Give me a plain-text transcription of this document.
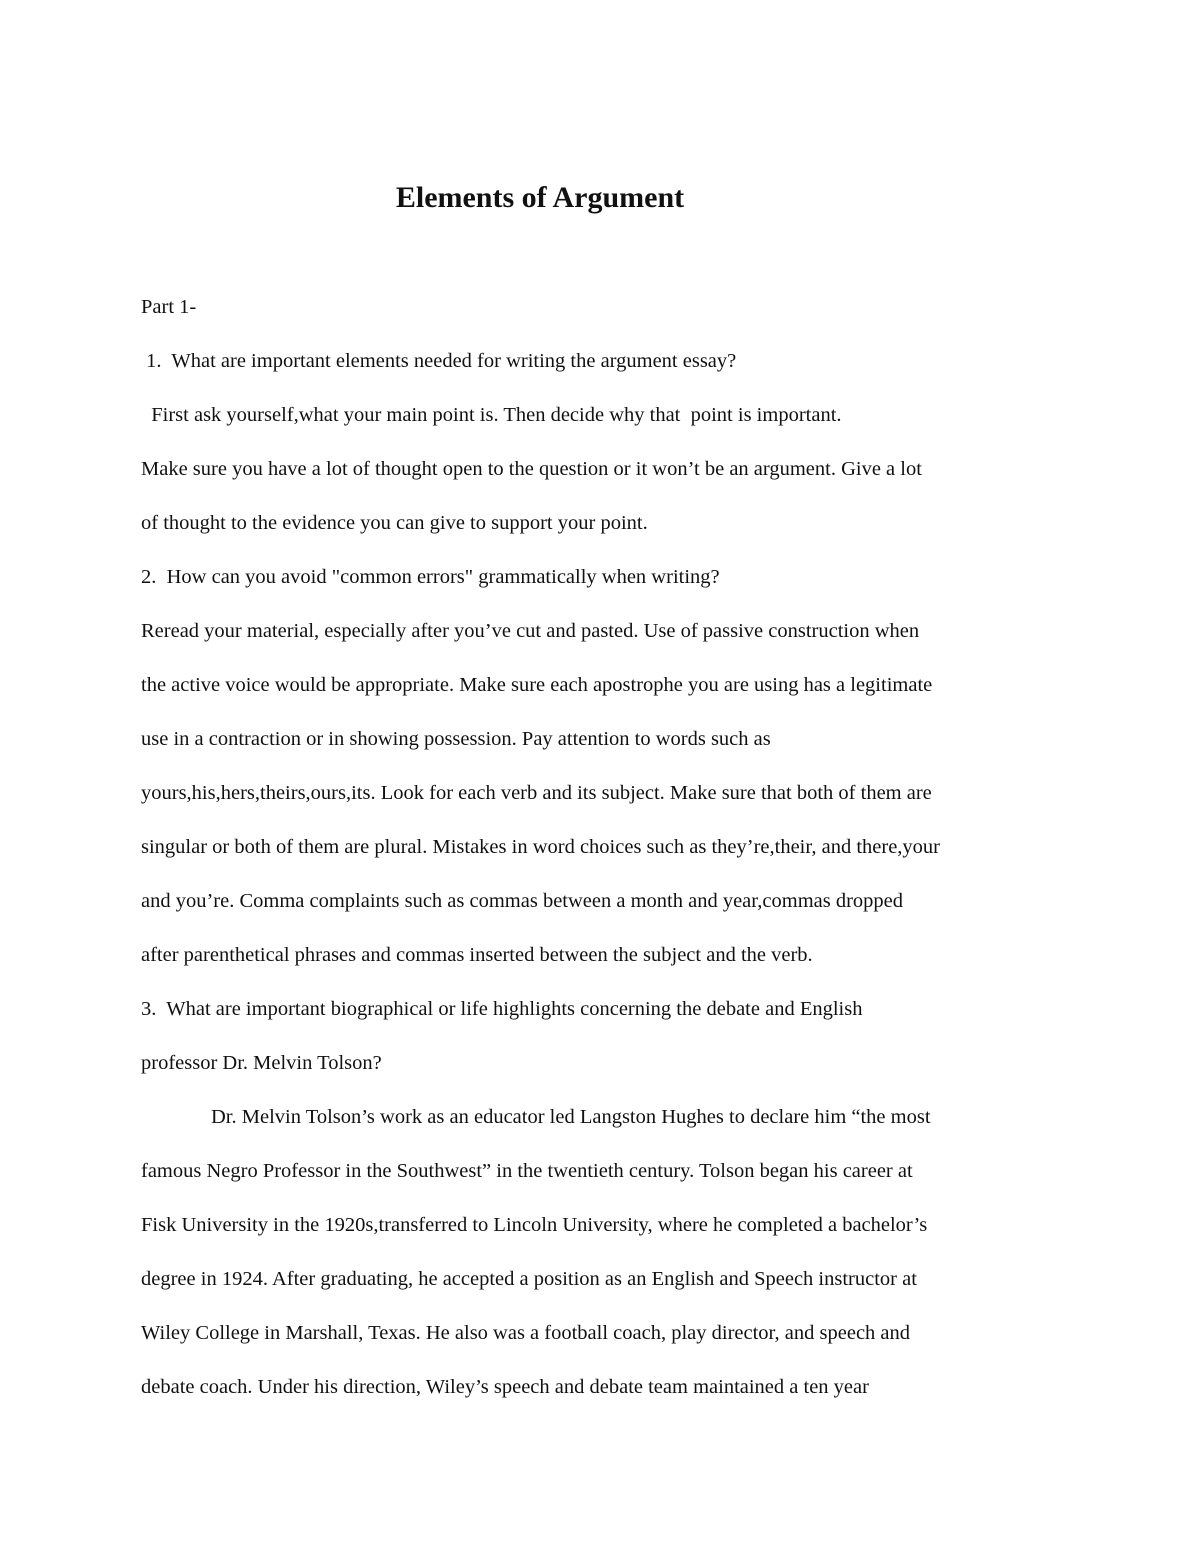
Elements of Argument
Part 1-
1.  What are important elements needed for writing the argument essay?
First ask yourself,what your main point is. Then decide why that  point is important.
Make sure you have a lot of thought open to the question or it won’t be an argument. Give a lot
of thought to the evidence you can give to support your point.
2.  How can you avoid "common errors" grammatically when writing?
Reread your material, especially after you’ve cut and pasted. Use of passive construction when
the active voice would be appropriate. Make sure each apostrophe you are using has a legitimate
use in a contraction or in showing possession. Pay attention to words such as
yours,his,hers,theirs,ours,its. Look for each verb and its subject. Make sure that both of them are
singular or both of them are plural. Mistakes in word choices such as they’re,their, and there,your
and you’re. Comma complaints such as commas between a month and year,commas dropped
after parenthetical phrases and commas inserted between the subject and the verb.
3.  What are important biographical or life highlights concerning the debate and English
professor Dr. Melvin Tolson?
Dr. Melvin Tolson’s work as an educator led Langston Hughes to declare him “the most
famous Negro Professor in the Southwest” in the twentieth century. Tolson began his career at
Fisk University in the 1920s,transferred to Lincoln University, where he completed a bachelor’s
degree in 1924. After graduating, he accepted a position as an English and Speech instructor at
Wiley College in Marshall, Texas. He also was a football coach, play director, and speech and
debate coach. Under his direction, Wiley’s speech and debate team maintained a ten year
